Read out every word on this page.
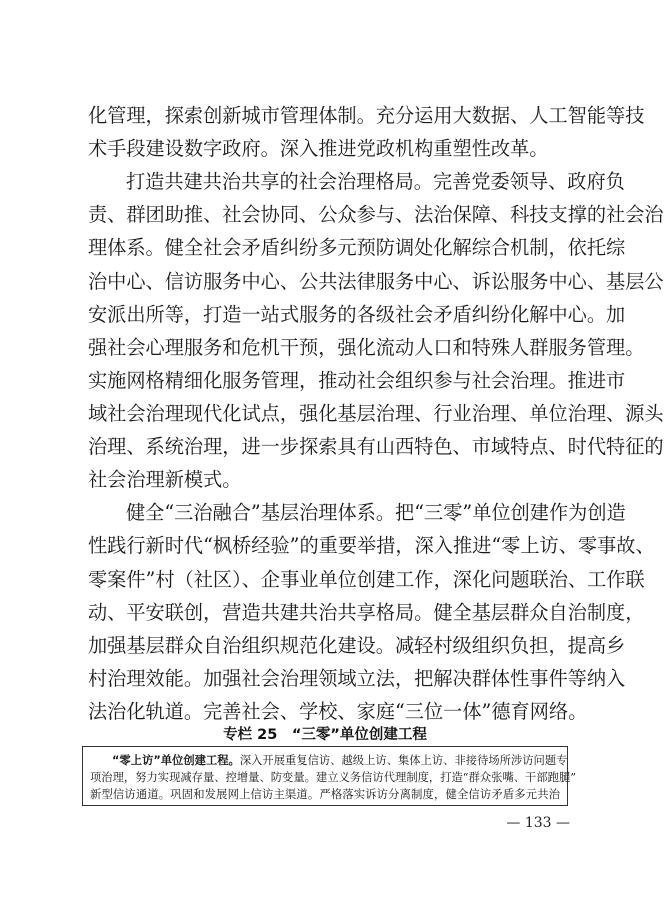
化管理，探索创新城市管理体制。充分运用大数据、人工智能等技
术手段建设数字政府。深入推进党政机构重塑性改革。
打造共建共治共享的社会治理格局。完善党委领导、政府负
责、群团助推、社会协同、公众参与、法治保障、科技支撑的社会治
理体系。健全社会矛盾纠纷多元预防调处化解综合机制，依托综
治中心、信访服务中心、公共法律服务中心、诉讼服务中心、基层公
安派出所等，打造一站式服务的各级社会矛盾纠纷化解中心。加
强社会心理服务和危机干预，强化流动人口和特殊人群服务管理。
实施网格精细化服务管理，推动社会组织参与社会治理。推进市
域社会治理现代化试点，强化基层治理、行业治理、单位治理、源头
治理、系统治理，进一步探索具有山西特色、市域特点、时代特征的
社会治理新模式。
健全“三治融合”基层治理体系。把“三零”单位创建作为创造
性践行新时代“枫桥经验”的重要举措，深入推进“零上访、零事故、
零案件”村（社区）、企事业单位创建工作，深化问题联治、工作联
动、平安联创，营造共建共治共享格局。健全基层群众自治制度，
加强基层群众自治组织规范化建设。减轻村级组织负担，提高乡
村治理效能。加强社会治理领域立法，把解决群体性事件等纳入
法治化轨道。完善社会、学校、家庭“三位一体”德育网络。
专栏 25　“三零”单位创建工程
“零上访”单位创建工程。深入开展重复信访、越级上访、集体上访、非接待场所涉访问题专
项治理，努力实现减存量、控增量、防变量。建立义务信访代理制度，打造“群众张嘴、干部跑腿”
新型信访通道。巩固和发展网上信访主渠道。严格落实诉访分离制度，健全信访矛盾多元共治
— 133 —
